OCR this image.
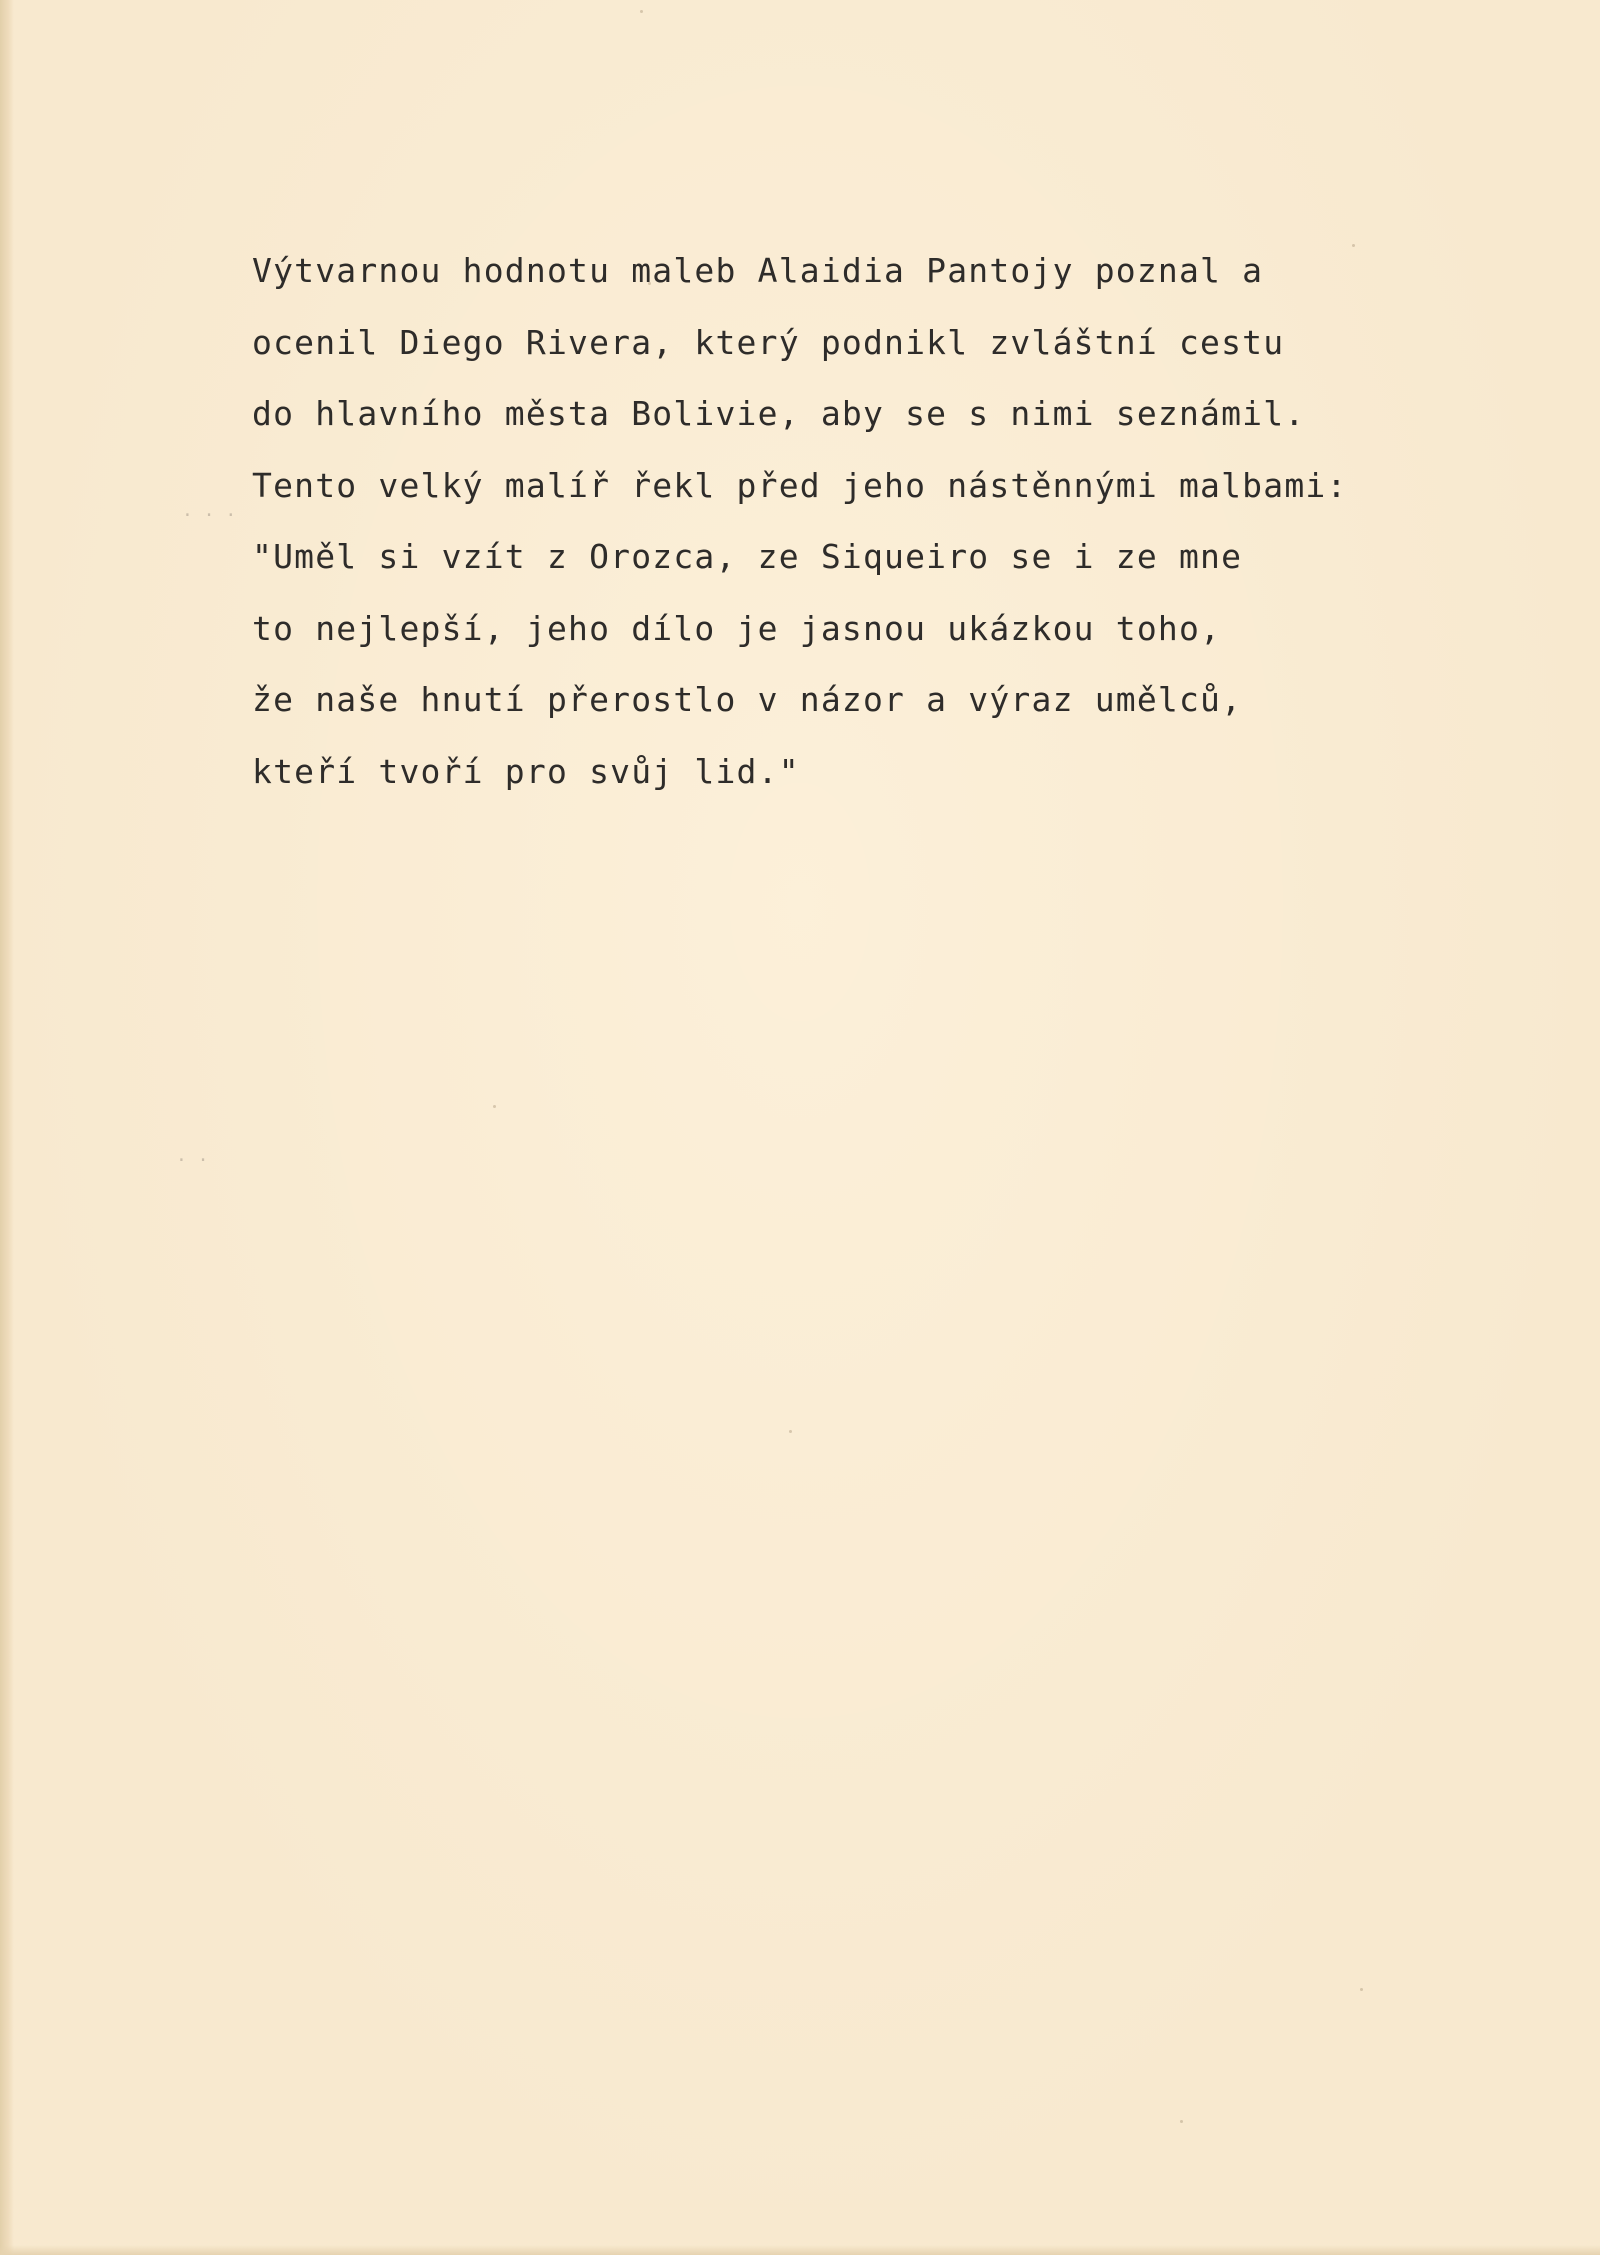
· · ·
· ·
Výtvarnou hodnotu maleb Alaidia Pantojy poznal a
ocenil Diego Rivera, který podnikl zvláštní cestu
do hlavního města Bolivie, aby se s nimi seznámil.
Tento velký malíř řekl před jeho nástěnnými malbami:
"Uměl si vzít z Orozca, ze Siqueiro se i ze mne
to nejlepší, jeho dílo je jasnou ukázkou toho,
že naše hnutí přerostlo v názor a výraz umělců,
kteří tvoří pro svůj lid."
